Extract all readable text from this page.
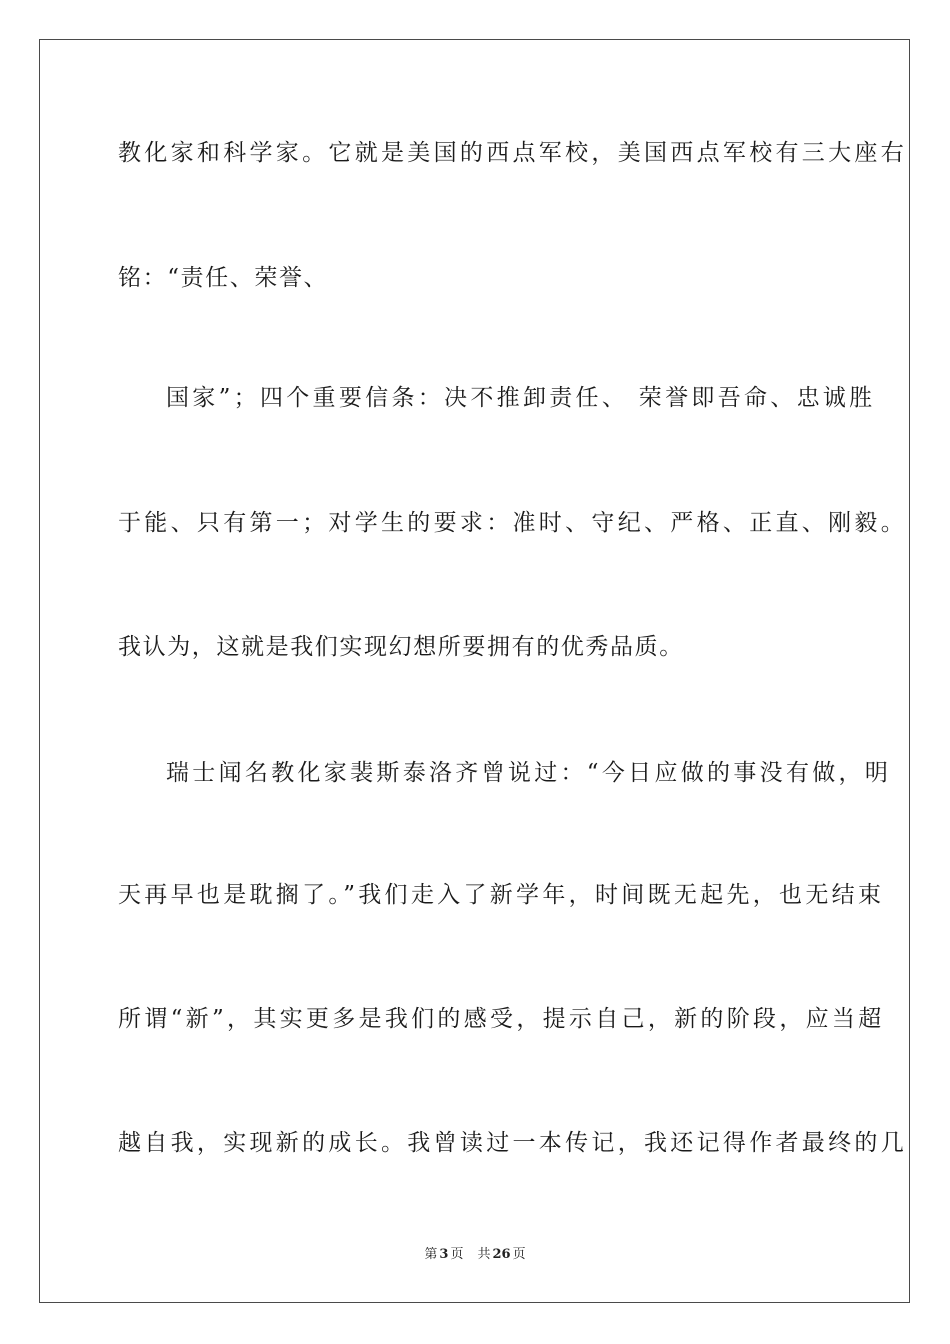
教化家和科学家。它就是美国的西点军校，美国西点军校有三大座右
铭：“责任、荣誉、
国家”；四个重要信条：决不推卸责任、 荣誉即吾命、忠诚胜
于能、只有第一；对学生的要求：准时、守纪、严格、正直、刚毅。
我认为，这就是我们实现幻想所要拥有的优秀品质。
瑞士闻名教化家裴斯泰洛齐曾说过：“今日应做的事没有做，明
天再早也是耽搁了。”我们走入了新学年，时间既无起先，也无结束
所谓“新”，其实更多是我们的感受，提示自己，新的阶段，应当超
越自我，实现新的成长。我曾读过一本传记，我还记得作者最终的几
第 3 页 共 26 页
